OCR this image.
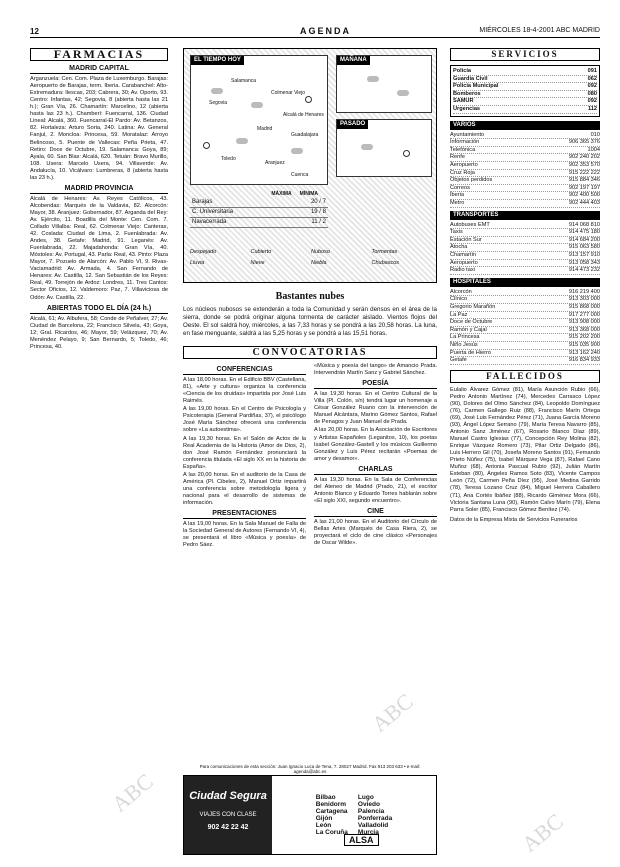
12	AGENDA	MIÉRCOLES 18-4-2001 ABC MADRID
FARMACIAS
MADRID CAPITAL
Arganzuela: Cen. Com. Plaza de Luxemburgo. Barajas: Aeropuerto de Barajas, term. Iberia. Carabanchel: Alto-Extremadura: Ilescas, 203; Cabrera, 30; Av. Oporto, 93. Centro: Infantas, 42; Segovia, 8 (abierta hasta las 21 h.); Gran Vía, 26. Chamartín: Marcelino, 12 (abierta hasta las 23 h.). Chamberí: Fuencarral, 136. Ciudad Lineal: Alcalá, 360. Fuencarral-El Pardo: Av. Betanzos, 82. Hortaleza: Arturo Soria, 240. Latina: Av. General Fanjul, 2. Moncloa: Princesa, 59. Moratalaz: Arroyo Belincoso, 5. Puente de Vallecas: Peña Prieta, 47. Retiro: Doce de Octubre, 19. Salamanca: Goya, 89; Ayala, 60. San Blas: Alcalá, 620. Tetuán: Bravo Murillo, 108. Usera: Marcelo Usera, 94. Villaverde: Av. Andalucía, 10. Vicálvaro: Lumbreras, 8 (abierta hasta las 23 h.).
MADRID PROVINCIA
Alcalá de Henares: Av. Reyes Católicos, 43. Alcobendas: Marqués de la Valdavia, 82. Alcorcón: Mayor, 38. Aranjuez: Gobernador, 87. Arganda del Rey: Av. Ejército, 11. Boadilla del Monte: Cen. Com. 7. Collado Villalba: Real, 62. Colmenar Viejo: Canteras, 42. Coslada: Ciudad de Lima, 2. Fuenlabrada: Av. Andes, 38. Getafe: Madrid, 91. Leganés: Av. Fuenlabrada, 22. Majadahonda: Gran Vía, 40. Móstoles: Av. Portugal, 43. Parla: Real, 43. Pinto: Plaza Mayor, 7. Pozuelo de Alarcón: Av. Pablo VI, 9. Rivas-Vaciamadrid: Av. Armada, 4. San Fernando de Henares: Av. Castilla, 12. San Sebastián de los Reyes: Real, 49. Torrejón de Ardoz: Londres, 11. Tres Cantos: Sector Oficios, 12. Valdemoro: Paz, 7. Villaviciosa de Odón: Av. Castilla, 22.
ABIERTAS TODO EL DÍA (24 h.)
Alcalá, 61; Av. Albufera, 58; Conde de Peñalver, 27; Av. Ciudad de Barcelona, 22; Francisco Silvela, 43; Goya, 12; Gral. Ricardos, 46; Mayor, 59; Velázquez, 70; Av. Menéndez Pelayo, 9; San Bernardo, 5; Toledo, 46; Princesa, 40.
EL TIEMPO HOY
Salamanca
Colmenar Viejo
Alcalá de Henares
Guadalajara
Segovia
Madrid
Toledo
Aranjuez
Cuenca
MAÑANA
PASADO
MÁXIMA MÍNIMA
Barajas	20 / 7
C. Universitaria	19 / 8
Navacerrada	11 / 2
Despejado	Cubierto	Nuboso	Tormentas
Lluvia	Nieve	Niebla	Chubascos
Bastantes nubes
Los núcleos nubosos se extenderán a toda la Comunidad y serán densos en el área de la sierra, donde se podrá originar alguna tormenta de carácter aislado. Vientos flojos del Oeste. El sol saldrá hoy, miércoles, a las 7,33 horas y se pondrá a las 20,58 horas. La luna, en fase menguante, saldrá a las 5,25 horas y se pondrá a las 15,51 horas.
CONVOCATORIAS
CONFERENCIAS
A las 18,00 horas. En el Edificio BBV (Castellana, 81), «Arte y cultura» organiza la conferencia «Ciencia de los druidas» impartida por José Luis Raimés.
A las 19,00 horas. En el Centro de Psicología y Psicoterapia (General Pardiñas, 37), el psicólogo José María Sánchez ofrecerá una conferencia sobre «La autoestima».
A las 19,30 horas. En el Salón de Actos de la Real Academia de la Historia (Amor de Dios, 2), don José Ramón Fernández pronunciará la conferencia titulada «El siglo XX en la historia de España».
A las 20,00 horas. En el auditorio de la Casa de América (Pl. Cibeles, 2), Manuel Ortiz impartirá una conferencia sobre metodología ligera y nacional para el desarrollo de sistemas de información.
PRESENTACIONES
A las 19,00 horas. En la Sala Manuel de Falla de la Sociedad General de Autores (Fernando VI, 4), se presentará el libro «Música y poesía» de Pedro Sáez.
«Música y poesía del tango» de Amancio Prada. Intervendrán Martín Sanz y Gabriel Sánchez.
POESÍA
A las 19,30 horas. En el Centro Cultural de la Villa (Pl. Colón, s/n) tendrá lugar un homenaje a César González Ruano con la intervención de Manuel Alcántara, Marino Gómez Santos, Rafael de Penagos y Juan Manuel de Prada.
A las 20,00 horas. En la Asociación de Escritores y Artistas Españoles (Leganitos, 10), los poetas Isabel González-Gastell y los músicos Guillermo González y Luis Pérez recitarán «Poemas de amor y desamor».
CHARLAS
A las 19,30 horas. En la Sala de Conferencias del Ateneo de Madrid (Prado, 21), el escritor Antonio Blanco y Eduardo Torres hablarán sobre «El siglo XXI, segundo encuentro».
CINE
A las 21,00 horas. En el Auditorio del Círculo de Bellas Artes (Marqués de Casa Riera, 2), se proyectará el ciclo de cine clásico «Personajes de Oscar Wilde».
Para comunicaciones de esta sección: Juan Ignacio Luca de Tena, 7. 28027 Madrid. Fax 913 203 633 • e-mail: agenda@abc.es
Ciudad Segura
VIAJES CON CLASE
902 42 22 42
Bilbao
Benidorm
Cartagena
Gijón
León
La Coruña
Lugo
Oviedo
Palencia
Ponferrada
Valladolid
Murcia
ALSA
SERVICIOS
Policía	091
Guardia Civil	062
Policía Municipal	092
Bomberos	080
SAMUR	092
Urgencias	112
VARIOS
Ayuntamiento	010
Información	906 365 376
Telefónica	1004
Renfe	902 240 202
Aeropuerto	902 353 570
Cruz Roja	915 222 222
Objetos perdidos	915 884 346
Correos	902 197 197
Iberia	902 400 500
Metro	902 444 403
TRANSPORTES
Autobuses EMT	914 068 810
Taxis	914 475 180
Estación Sur	914 684 200
Atocha	915 063 580
Chamartín	913 157 910
Aeropuerto	913 058 343
Radio taxi	914 473 232
HOSPITALES
Alcorcón	916 219 400
Clínico	913 303 000
Gregorio Marañón	915 868 000
La Paz	917 277 000
Doce de Octubre	913 908 000
Ramón y Cajal	913 368 000
La Princesa	915 202 200
Niño Jesús	915 035 900
Puerta de Hierro	913 162 240
Getafe	916 834 933
FALLECIDOS
Eulalio Álvarez Gómez (81), María Asunción Rubio (66), Pedro Antonio Martínez (74), Mercedes Carrasco López (90), Dolores del Olmo Sánchez (84), Leopoldo Domínguez (76), Carmen Gallego Ruiz (88), Francisco Marín Ortega (69), José Luis Fernández Pérez (71), Juana García Moreno (93), Ángel López Serrano (79), María Teresa Navarro (85), Antonio Sanz Jiménez (67), Rosario Blanco Díaz (89), Manuel Castro Iglesias (77), Concepción Rey Molina (82), Enrique Vázquez Romero (73), Pilar Ortiz Delgado (86), Luis Herrero Gil (70), Josefa Moreno Santos (91), Fernando Prieto Núñez (75), Isabel Márquez Vega (87), Rafael Cano Muñoz (68), Antonia Pascual Rubio (92), Julián Martín Esteban (80), Ángeles Ramos Soto (83), Vicente Campos León (72), Carmen Peña Díez (95), José Medina Garrido (78), Teresa Lozano Cruz (84), Miguel Herrera Caballero (71), Ana Cortés Ibáñez (88), Ricardo Giménez Mora (66), Victoria Santana Luna (90), Ramón Calvo Marín (79), Elena Parra Soler (85), Francisco Gómez Benítez (74).
Datos de la Empresa Mixta de Servicios Funerarios
ABC
ABC
ABC
